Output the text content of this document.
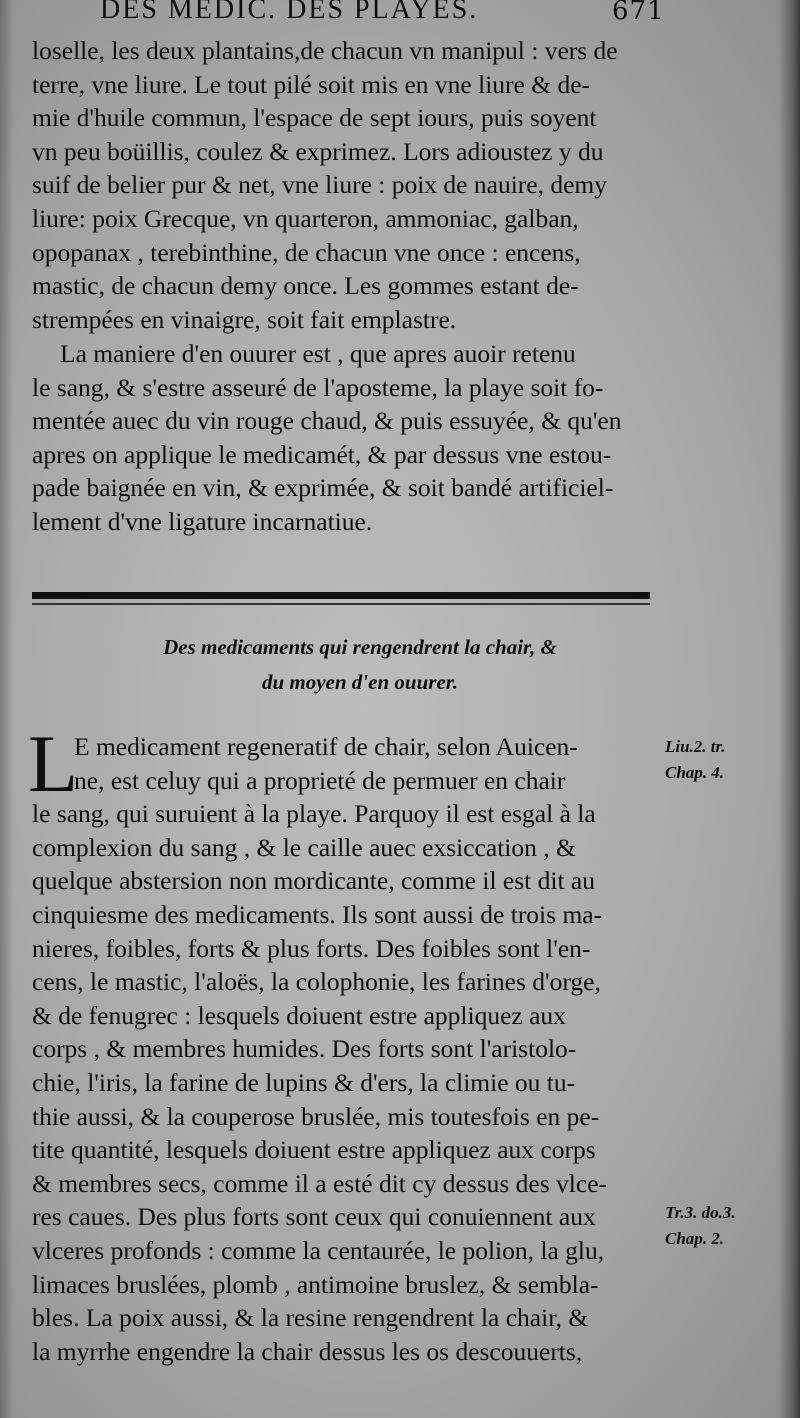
DES MEDIC. DES PLAYES.	671
loselle, les deux plantains,de chacun vn manipul : vers de
terre, vne liure. Le tout pilé soit mis en vne liure & de-
mie d'huile commun, l'espace de sept iours, puis soyent
vn peu boüillis, coulez & exprimez. Lors adioustez y du
suif de belier pur & net, vne liure : poix de nauire, demy
liure: poix Grecque, vn quarteron, ammoniac, galban,
opopanax , terebinthine, de chacun vne once : encens,
mastic, de chacun demy once. Les gommes estant de-
strempées en vinaigre, soit fait emplastre.
La maniere d'en ouurer est , que apres auoir retenu
le sang, & s'estre asseuré de l'aposteme, la playe soit fo-
mentée auec du vin rouge chaud, & puis essuyée, & qu'en
apres on applique le medicamét, & par dessus vne estou-
pade baignée en vin, & exprimée, & soit bandé artificiel-
lement d'vne ligature incarnatiue.
Des medicaments qui rengendrent la chair, &
du moyen d'en ouurer.
L
E medicament regeneratif de chair, selon Auicen-
ne, est celuy qui a proprieté de permuer en chair
le sang, qui suruient à la playe. Parquoy il est esgal à la
complexion du sang , & le caille auec exsiccation , &
quelque abstersion non mordicante, comme il est dit au
cinquiesme des medicaments. Ils sont aussi de trois ma-
nieres, foibles, forts & plus forts. Des foibles sont l'en-
cens, le mastic, l'aloës, la colophonie, les farines d'orge,
& de fenugrec : lesquels doiuent estre appliquez aux
corps , & membres humides. Des forts sont l'aristolo-
chie, l'iris, la farine de lupins & d'ers, la climie ou tu-
thie aussi, & la couperose bruslée, mis toutesfois en pe-
tite quantité, lesquels doiuent estre appliquez aux corps
& membres secs, comme il a esté dit cy dessus des vlce-
res caues. Des plus forts sont ceux qui conuiennent aux
vlceres profonds : comme la centaurée, le polion, la glu,
limaces bruslées, plomb , antimoine bruslez, & sembla-
bles. La poix aussi, & la resine rengendrent la chair, &
la myrrhe engendre la chair dessus les os descouuerts,
Liu.2. tr.
Chap. 4.
Tr.3. do.3.
Chap. 2.
